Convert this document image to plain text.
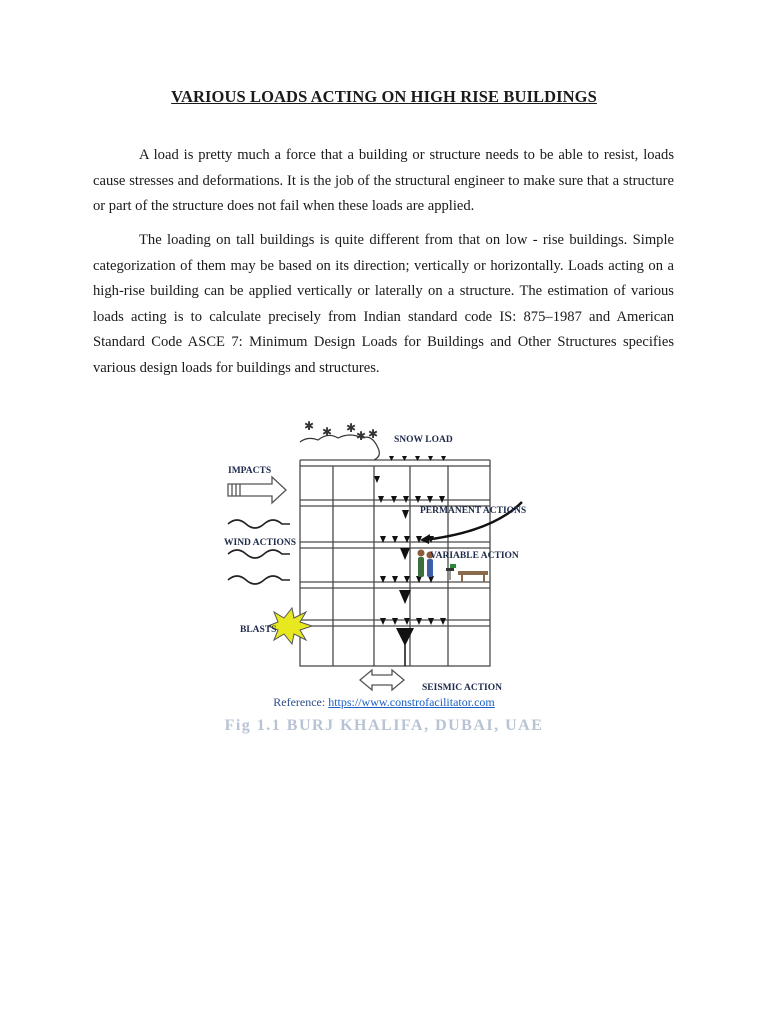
VARIOUS LOADS ACTING ON HIGH RISE BUILDINGS

A load is pretty much a force that a building or structure needs to be able to resist, loads cause stresses and deformations. It is the job of the structural engineer to make sure that a structure or part of the structure does not fail when these loads are applied.

The loading on tall buildings is quite different from that on low - rise buildings. Simple categorization of them may be based on its direction; vertically or horizontally. Loads acting on a high-rise building can be applied vertically or laterally on a structure. The estimation of various loads acting is to calculate precisely from Indian standard code IS: 875–1987 and American Standard Code ASCE 7: Minimum Design Loads for Buildings and Other Structures specifies various design loads for buildings and structures.

✱ ✱ ✱
✱ ✱ SNOW LOAD
IMPACTS
PERMANENT ACTIONS
WIND ACTIONS
VARIABLE ACTION
BLASTS
SEISMIC ACTION
Reference: https://www.constrofacilitator.com
Fig 1.1 BURJ KHALIFA, DUBAI, UAE
